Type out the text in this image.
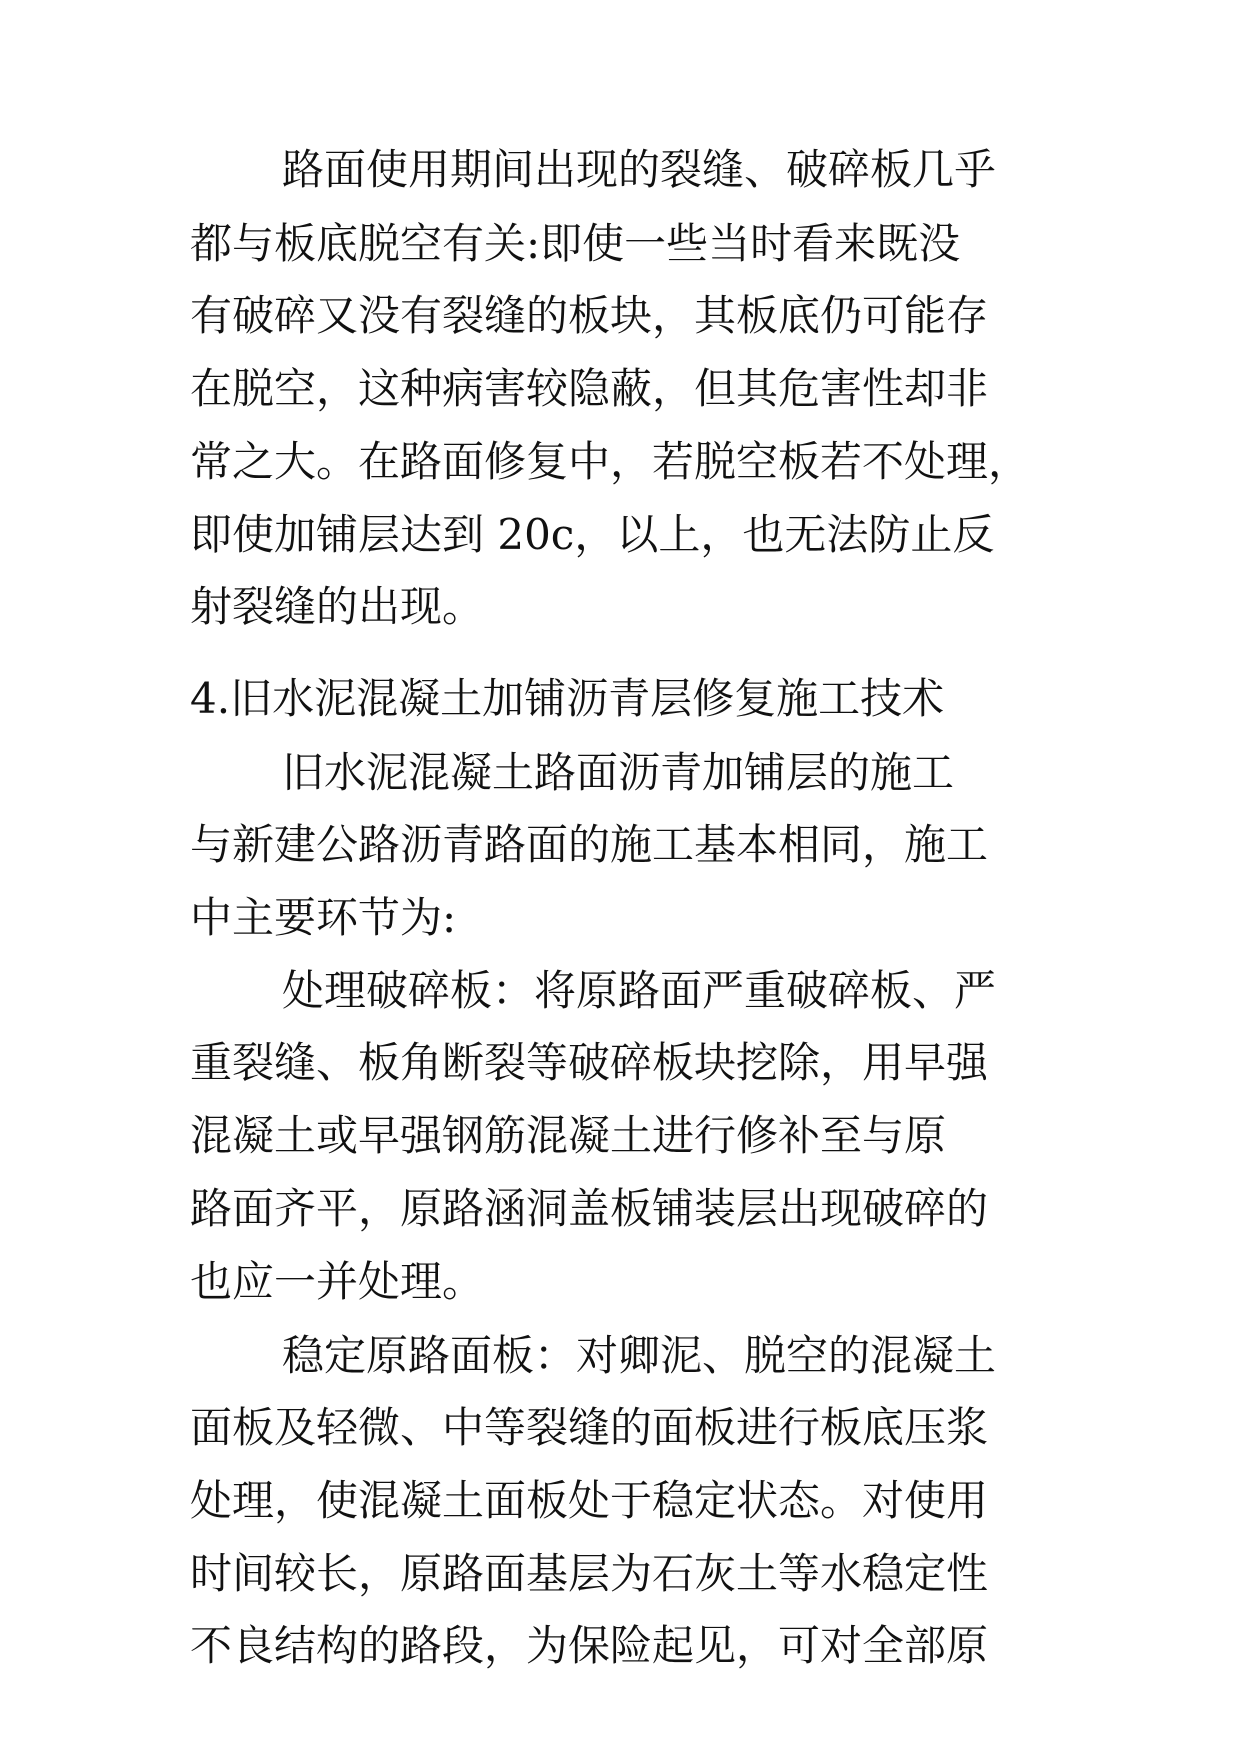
路面使用期间出现的裂缝、破碎板几乎
都与板底脱空有关:即使一些当时看来既没
有破碎又没有裂缝的板块，其板底仍可能存
在脱空，这种病害较隐蔽，但其危害性却非
常之大。在路面修复中，若脱空板若不处理，
即使加铺层达到 20c，以上，也无法防止反
射裂缝的出现。
4.旧水泥混凝土加铺沥青层修复施工技术
旧水泥混凝土路面沥青加铺层的施工
与新建公路沥青路面的施工基本相同，施工
中主要环节为:
处理破碎板：将原路面严重破碎板、严
重裂缝、板角断裂等破碎板块挖除，用早强
混凝土或早强钢筋混凝土进行修补至与原
路面齐平，原路涵洞盖板铺装层出现破碎的
也应一并处理。
稳定原路面板：对卿泥、脱空的混凝土
面板及轻微、中等裂缝的面板进行板底压浆
处理，使混凝土面板处于稳定状态。对使用
时间较长，原路面基层为石灰土等水稳定性
不良结构的路段，为保险起见，可对全部原
